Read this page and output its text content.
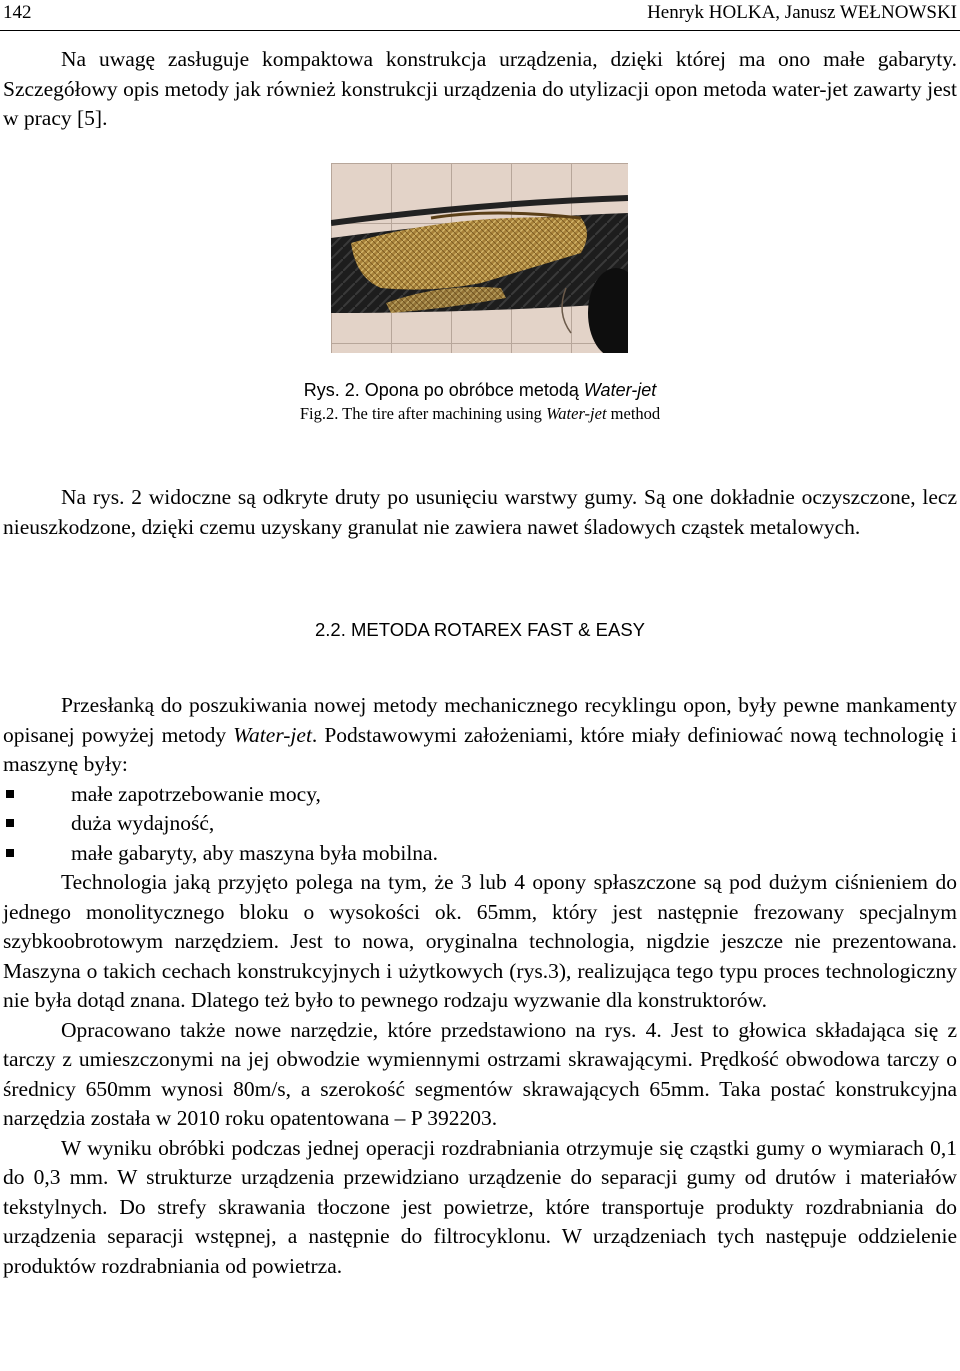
142	Henryk HOLKA, Janusz WEŁNOWSKI

Na uwagę zasługuje kompaktowa konstrukcja urządzenia, dzięki której ma ono małe gabaryty. Szczegółowy opis metody jak również konstrukcji urządzenia do utylizacji opon metoda water-jet zawarty jest w pracy [5].

Rys. 2. Opona po obróbce metodą Water-jet
Fig.2. The tire after machining using Water-jet method

Na rys. 2 widoczne są odkryte druty po usunięciu warstwy gumy. Są one dokładnie oczyszczone, lecz nieuszkodzone, dzięki czemu uzyskany granulat nie zawiera nawet śladowych cząstek metalowych.

2.2. METODA ROTAREX FAST & EASY

Przesłanką do poszukiwania nowej metody mechanicznego recyklingu opon, były pewne mankamenty opisanej powyżej metody Water-jet. Podstawowymi założeniami, które miały definiować nową technologię i maszynę były:

małe zapotrzebowanie mocy,
duża wydajność,
małe gabaryty, aby maszyna była mobilna.

Technologia jaką przyjęto polega na tym, że 3 lub 4 opony spłaszczone są pod dużym ciśnieniem do jednego monolitycznego bloku o wysokości ok. 65mm, który jest następnie frezowany specjalnym szybkoobrotowym narzędziem. Jest to nowa, oryginalna technologia, nigdzie jeszcze nie prezentowana. Maszyna o takich cechach konstrukcyjnych i użytkowych (rys.3), realizująca tego typu proces technologiczny nie była dotąd znana. Dlatego też było to pewnego rodzaju wyzwanie dla konstruktorów.

Opracowano także nowe narzędzie, które przedstawiono na rys. 4. Jest to głowica składająca się z tarczy z umieszczonymi na jej obwodzie wymiennymi ostrzami skrawającymi. Prędkość obwodowa tarczy o średnicy 650mm wynosi 80m/s, a szerokość segmentów skrawających 65mm. Taka postać konstrukcyjna narzędzia została w 2010 roku opatentowana – P 392203.

W wyniku obróbki podczas jednej operacji rozdrabniania otrzymuje się cząstki gumy o wymiarach 0,1 do 0,3 mm. W strukturze urządzenia przewidziano urządzenie do separacji gumy od drutów i materiałów tekstylnych. Do strefy skrawania tłoczone jest powietrze, które transportuje produkty rozdrabniania do urządzenia separacji wstępnej, a następnie do filtrocyklonu. W urządzeniach tych następuje oddzielenie produktów rozdrabniania od powietrza.
